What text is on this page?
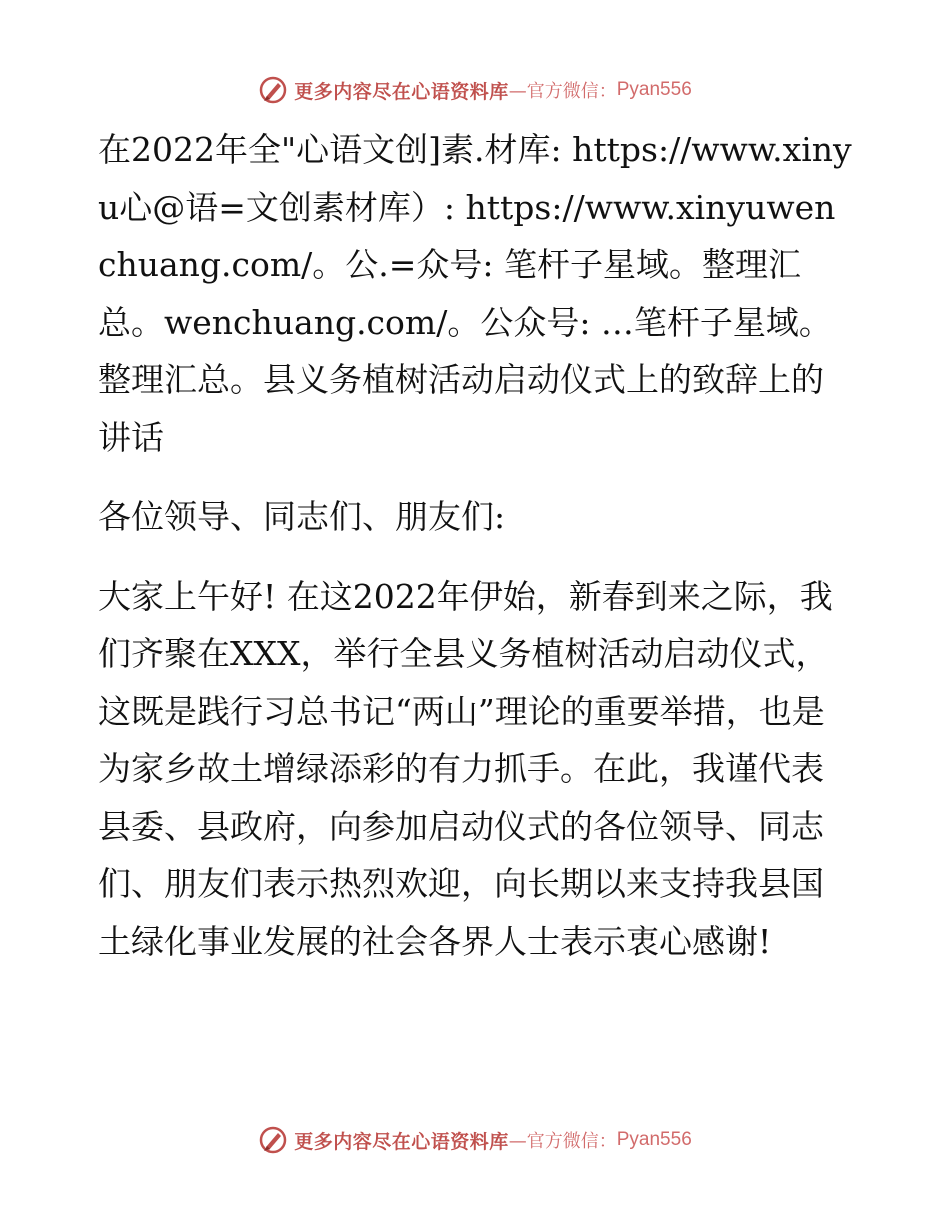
更多内容尽在心语资料库 —官方微信： Pyan556

在2022年全"心语文创]素.材库: https://www.xinyu心@语=文创素材库）: https://www.xinyuwenchuang.com/。公.=众号: 笔杆子星域。整理汇总。wenchuang.com/。公众号: …笔杆子星域。整理汇总。县义务植树活动启动仪式上的致辞上的讲话

各位领导、同志们、朋友们:

大家上午好! 在这2022年伊始，新春到来之际，我们齐聚在XXX，举行全县义务植树活动启动仪式，这既是践行习总书记“两山”理论的重要举措，也是为家乡故土增绿添彩的有力抓手。在此，我谨代表县委、县政府，向参加启动仪式的各位领导、同志们、朋友们表示热烈欢迎，向长期以来支持我县国土绿化事业发展的社会各界人士表示衷心感谢!

更多内容尽在心语资料库 —官方微信： Pyan556
